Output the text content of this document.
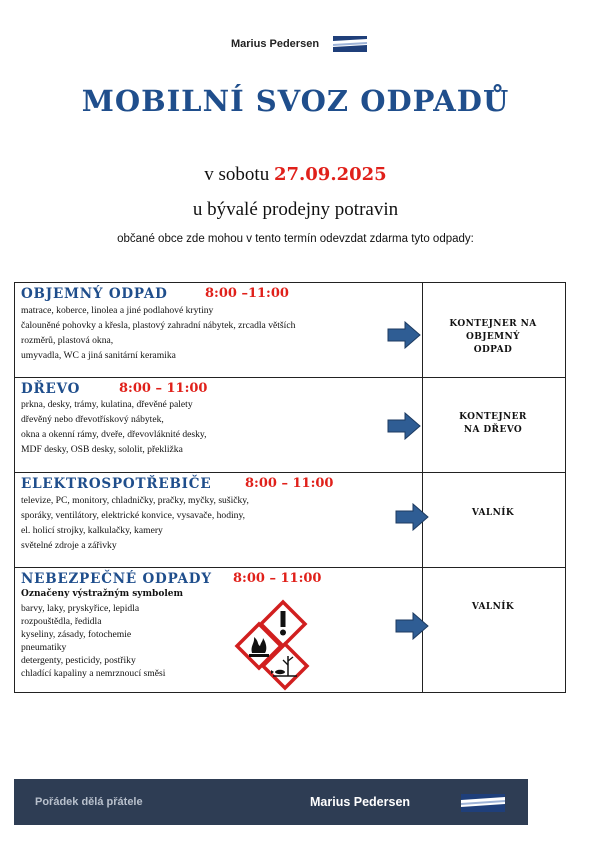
Marius Pedersen
MOBILNÍ SVOZ ODPADŮ
v sobotu 27.09.2025
u bývalé prodejny potravin
občané obce zde mohou v tento termín odevzdat zdarma tyto odpady:
OBJEMNÝ ODPAD	8:00 –11:00
matrace, koberce, linolea a jiné podlahové krytiny
čalouněné pohovky a křesla, plastový zahradní nábytek, zrcadla větších
rozměrů, plastová okna,
umyvadla, WC a jiná sanitární keramika
KONTEJNER NA
OBJEMNÝ
ODPAD
DŘEVO	8:00 – 11:00
prkna, desky, trámy, kulatina, dřevěné palety
dřevěný nebo dřevotřískový nábytek,
okna a okenní rámy, dveře, dřevovláknité desky,
MDF desky, OSB desky, sololit, překližka
KONTEJNER
NA DŘEVO
ELEKTROSPOTŘEBIČE	8:00 – 11:00
televize, PC, monitory, chladničky, pračky, myčky, sušičky,
sporáky, ventilátory, elektrické konvice, vysavače, hodiny,
el. holicí strojky, kalkulačky, kamery
světelné zdroje a zářivky
VALNÍK
NEBEZPEČNÉ ODPADY 8:00 – 11:00
Označeny výstražným symbolem
barvy, laky, pryskyřice, lepidla
rozpouštědla, ředidla
kyseliny, zásady, fotochemie
pneumatiky
detergenty, pesticidy, postřiky
chladící kapaliny a nemrznoucí směsi
VALNÍK
Pořádek dělá přátele	Marius Pedersen
